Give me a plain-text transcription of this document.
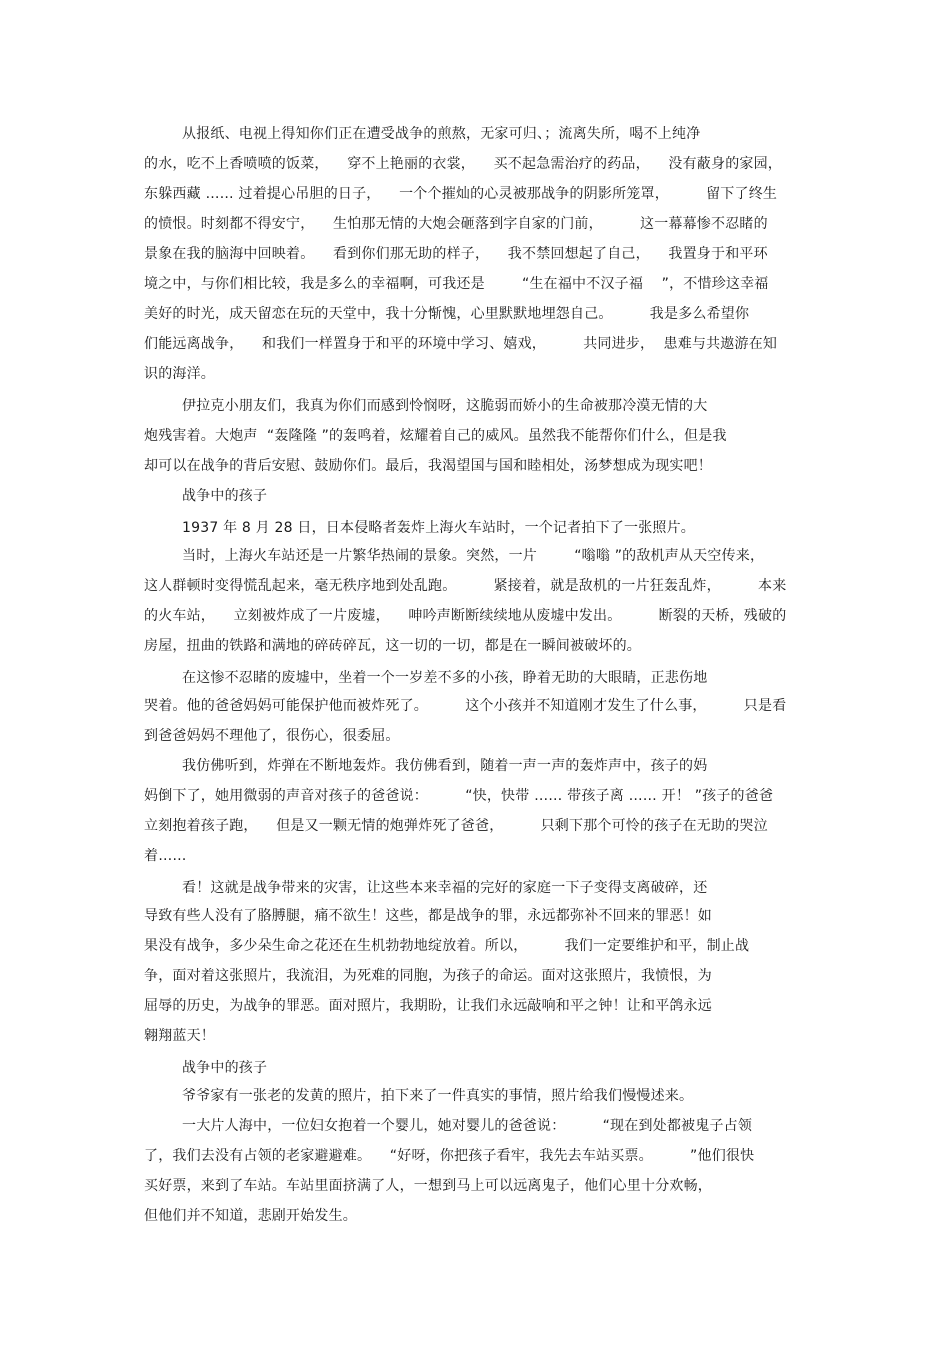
从报纸、电视上得知你们正在遭受战争的煎熬，无家可归、；流离失所，喝不上纯净
的水，吃不上香喷喷的饭菜，    穿不上艳丽的衣裳，    买不起急需治疗的药品，    没有蔽身的家园，
东躲西藏 …… 过着提心吊胆的日子，    一个个摧灿的心灵被那战争的阴影所笼罩，        留下了终生
的愤恨。时刻都不得安宁，    生怕那无情的大炮会砸落到字自家的门前，        这一幕幕惨不忍睹的
景象在我的脑海中回映着。    看到你们那无助的样子，    我不禁回想起了自己，    我置身于和平环
境之中，与你们相比较，我是多么的幸福啊，可我还是        “生在福中不汉子福    ”，不惜珍这幸福
美好的时光，成天留恋在玩的天堂中，我十分惭愧，心里默默地埋怨自己。        我是多么希望你
们能远离战争，    和我们一样置身于和平的环境中学习、嬉戏，        共同进步，  患难与共遨游在知
识的海洋。
伊拉克小朋友们，我真为你们而感到怜悯呀，这脆弱而娇小的生命被那冷漠无情的大
炮残害着。大炮声  “轰隆隆 ”的轰鸣着，炫耀着自己的威风。虽然我不能帮你们什么，但是我
却可以在战争的背后安慰、鼓励你们。最后，我渴望国与国和睦相处，汤梦想成为现实吧！
战争中的孩子
1937 年 8 月 28 日，日本侵略者轰炸上海火车站时，一个记者拍下了一张照片。
当时，上海火车站还是一片繁华热闹的景象。突然，一片        “嗡嗡 ”的敌机声从天空传来，
这人群顿时变得慌乱起来，毫无秩序地到处乱跑。        紧接着，就是敌机的一片狂轰乱炸，        本来
的火车站，    立刻被炸成了一片废墟，    呻吟声断断续续地从废墟中发出。        断裂的天桥，残破的
房屋，扭曲的铁路和满地的碎砖碎瓦，这一切的一切，都是在一瞬间被破坏的。
在这惨不忍睹的废墟中，坐着一个一岁差不多的小孩，睁着无助的大眼睛，正悲伤地
哭着。他的爸爸妈妈可能保护他而被炸死了。        这个小孩并不知道刚才发生了什么事，        只是看
到爸爸妈妈不理他了，很伤心，很委屈。
我仿佛听到，炸弹在不断地轰炸。我仿佛看到，随着一声一声的轰炸声中，孩子的妈
妈倒下了，她用微弱的声音对孩子的爸爸说：        “快，快带 …… 带孩子离 …… 开！ ”孩子的爸爸
立刻抱着孩子跑，    但是又一颗无情的炮弹炸死了爸爸，        只剩下那个可怜的孩子在无助的哭泣
着……
看！这就是战争带来的灾害，让这些本来幸福的完好的家庭一下子变得支离破碎，还
导致有些人没有了胳膊腿，痛不欲生！这些，都是战争的罪，永远都弥补不回来的罪恶！如
果没有战争，多少朵生命之花还在生机勃勃地绽放着。所以，        我们一定要维护和平，制止战
争，面对着这张照片，我流泪，为死难的同胞，为孩子的命运。面对这张照片，我愤恨，为
屈辱的历史，为战争的罪恶。面对照片，我期盼，让我们永远敲响和平之钟！让和平鸽永远
翱翔蓝天！
战争中的孩子
爷爷家有一张老的发黄的照片，拍下来了一件真实的事情，照片给我们慢慢述来。
一大片人海中，一位妇女抱着一个婴儿，她对婴儿的爸爸说：        “现在到处都被鬼子占领
了，我们去没有占领的老家避避难。    “好呀，你把孩子看牢，我先去车站买票。        ”他们很快
买好票，来到了车站。车站里面挤满了人，一想到马上可以远离鬼子，他们心里十分欢畅，
但他们并不知道，悲剧开始发生。
